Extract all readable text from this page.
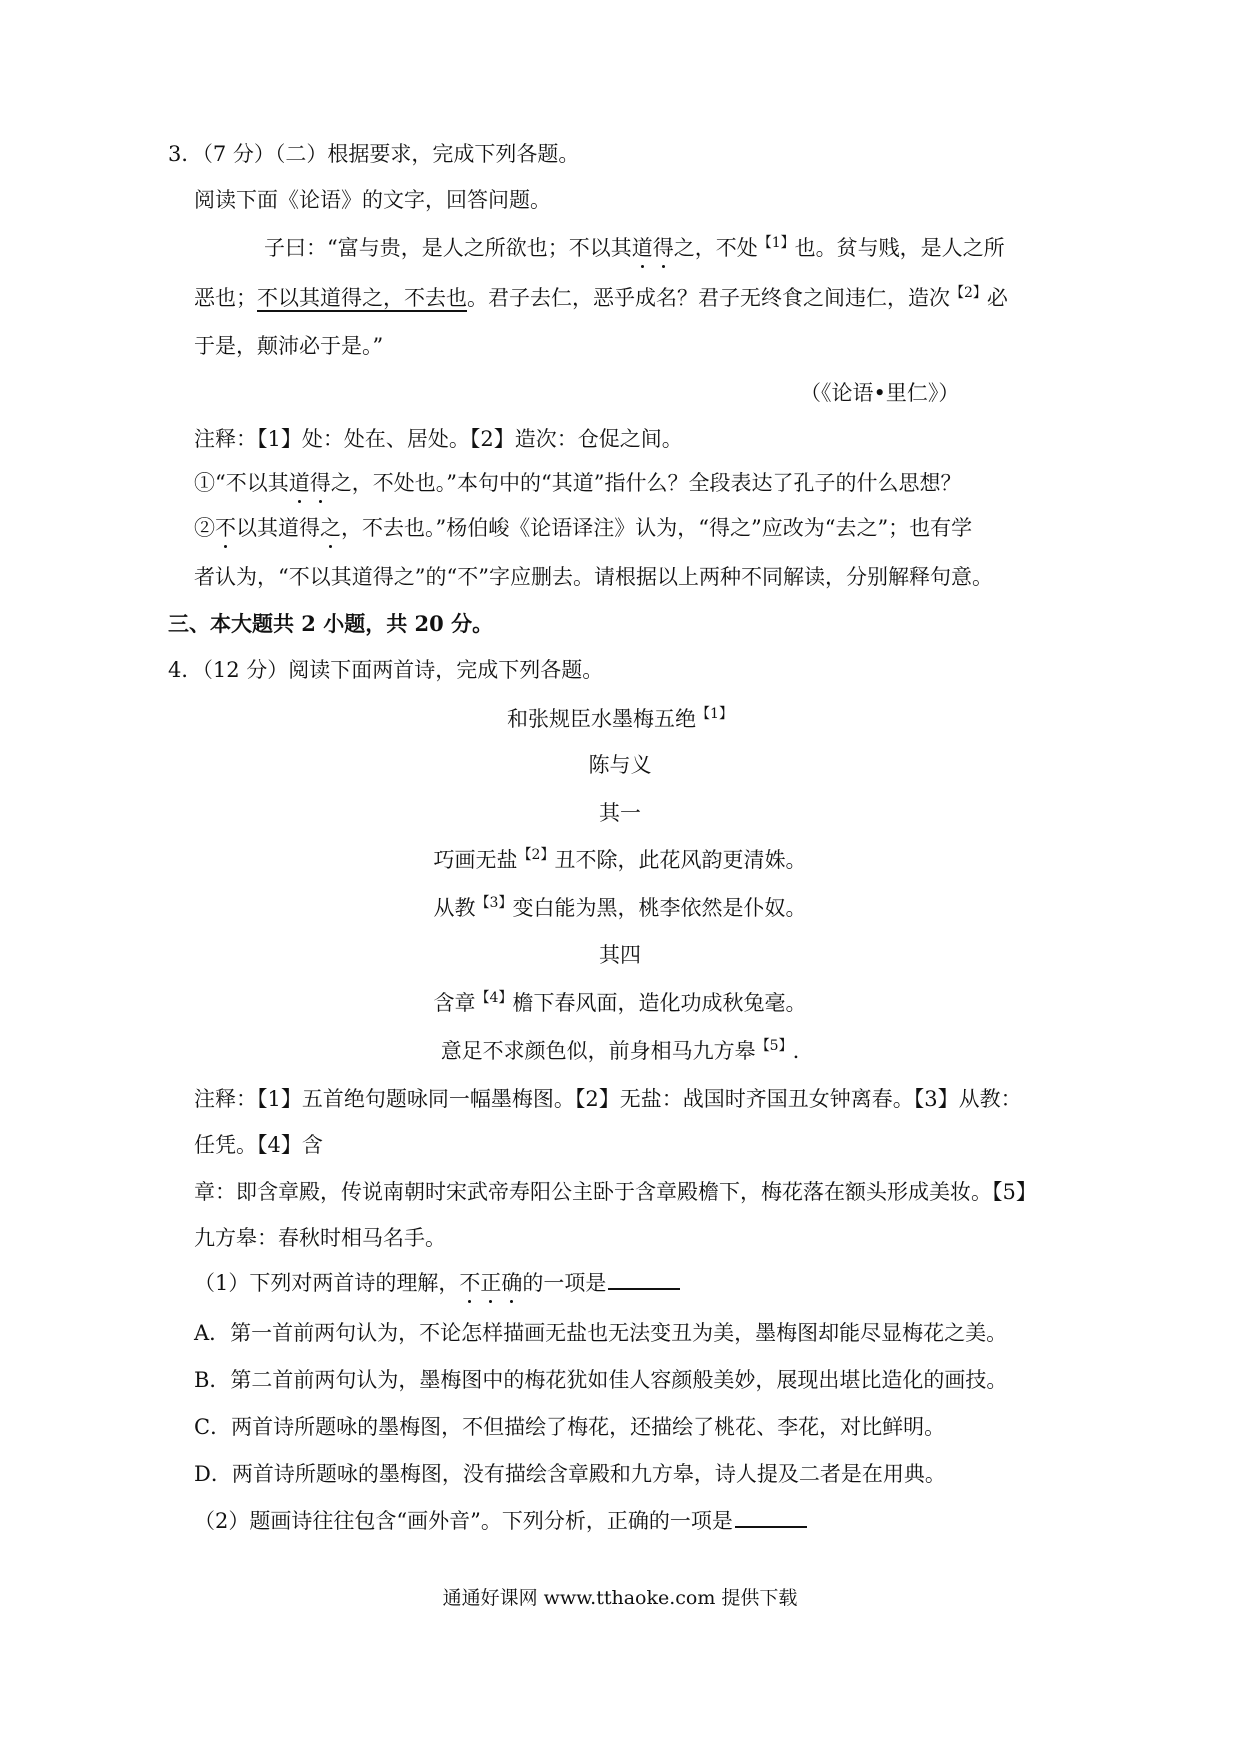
3．（7 分）（二）根据要求，完成下列各题。
阅读下面《论语》的文字，回答问题。
子曰：“富与贵，是人之所欲也；不以其道得之，不处$^{【1】}$也。贫与贱，是人之所
恶也；不以其道得之，不去也。君子去仁，恶乎成名？君子无终食之间违仁，造次$^{【2】}$必
于是，颠沛必于是。”
（《论语•里仁》）
注释：【1】处：处在、居处。【2】造次：仓促之间。
①“不以其道得之，不处也。”本句中的“其道”指什么？全段表达了孔子的什么思想？
②不以其道得之，不去也。”杨伯峻《论语译注》认为，“得之”应改为“去之”；也有学
者认为，“不以其道得之”的“不”字应删去。请根据以上两种不同解读，分别解释句意。
三、本大题共 2 小题，共 20 分。
4．（12 分）阅读下面两首诗，完成下列各题。
和张规臣水墨梅五绝$^{【1】}$
陈与义
其一
巧画无盐$^{【2】}$丑不除，此花风韵更清姝。
从教$^{【3】}$变白能为黑，桃李依然是仆奴。
其四
含章$^{【4】}$檐下春风面，造化功成秋兔毫。
意足不求颜色似，前身相马九方皋$^{【5】}$.
注释：【1】五首绝句题咏同一幅墨梅图。【2】无盐：战国时齐国丑女钟离春。【3】从教：
任凭。【4】含
章：即含章殿，传说南朝时宋武帝寿阳公主卧于含章殿檐下，梅花落在额头形成美妆。【5】
九方皋：春秋时相马名手。
（1）下列对两首诗的理解，不正确的一项是
A．第一首前两句认为，不论怎样描画无盐也无法变丑为美，墨梅图却能尽显梅花之美。
B．第二首前两句认为，墨梅图中的梅花犹如佳人容颜般美妙，展现出堪比造化的画技。
C．两首诗所题咏的墨梅图，不但描绘了梅花，还描绘了桃花、李花，对比鲜明。
D．两首诗所题咏的墨梅图，没有描绘含章殿和九方皋，诗人提及二者是在用典。
（2）题画诗往往包含“画外音”。下列分析，正确的一项是
通通好课网 www.tthaoke.com 提供下载
